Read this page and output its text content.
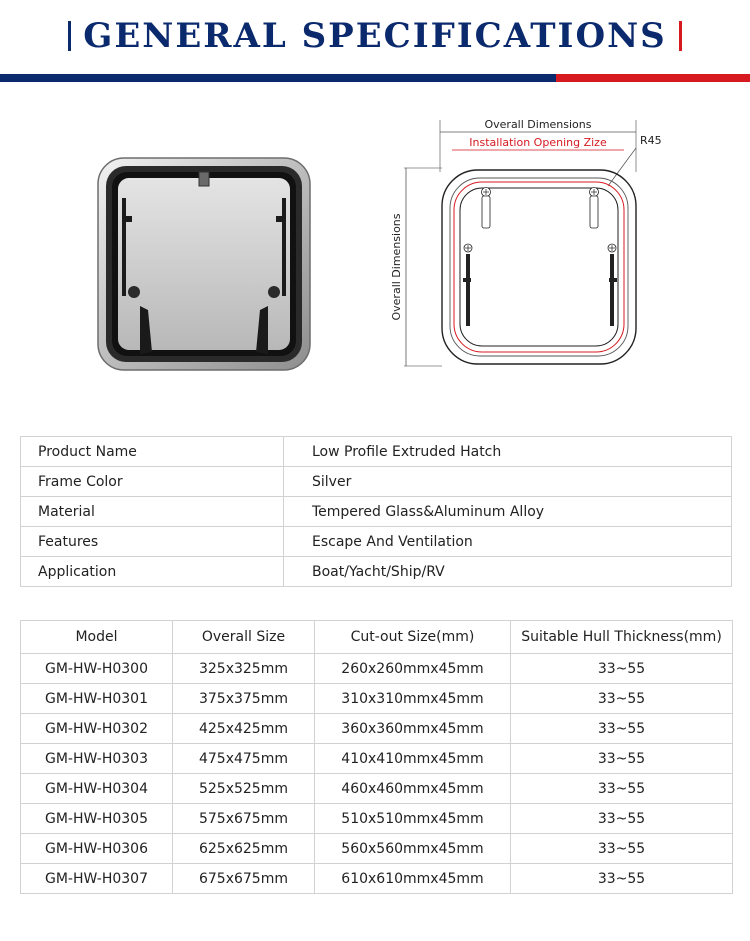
GENERAL SPECIFICATIONS
Overall Dimensions
Installation Opening Zize	R45
Overall Dimensions
Product Name	Low Profile Extruded Hatch
Frame Color	Silver
Material	Tempered Glass&Aluminum Alloy
Features	Escape And Ventilation
Application	Boat/Yacht/Ship/RV
Model	Overall Size	Cut-out Size(mm)	Suitable Hull Thickness(mm)
GM-HW-H0300	325x325mm	260x260mmx45mm	33~55
GM-HW-H0301	375x375mm	310x310mmx45mm	33~55
GM-HW-H0302	425x425mm	360x360mmx45mm	33~55
GM-HW-H0303	475x475mm	410x410mmx45mm	33~55
GM-HW-H0304	525x525mm	460x460mmx45mm	33~55
GM-HW-H0305	575x675mm	510x510mmx45mm	33~55
GM-HW-H0306	625x625mm	560x560mmx45mm	33~55
GM-HW-H0307	675x675mm	610x610mmx45mm	33~55
